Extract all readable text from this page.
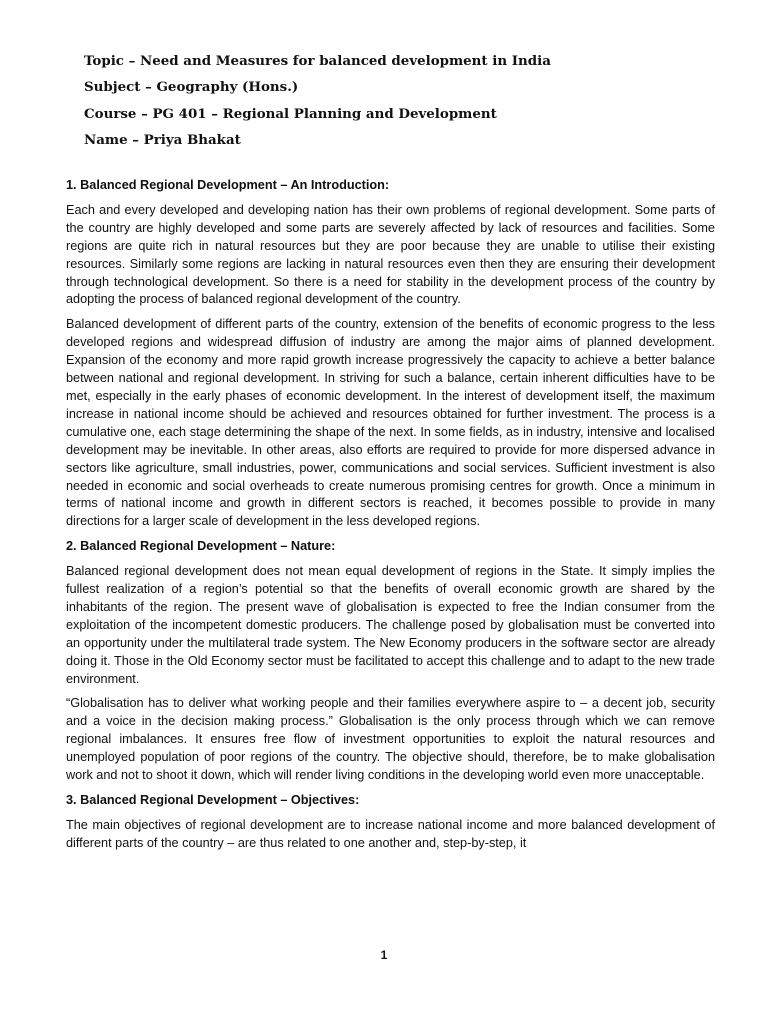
Topic – Need and Measures for balanced development in India
Subject – Geography (Hons.)
Course – PG 401 – Regional Planning and Development
Name – Priya Bhakat
1. Balanced Regional Development – An Introduction:

Each and every developed and developing nation has their own problems of regional development. Some parts of the country are highly developed and some parts are severely affected by lack of resources and facilities. Some regions are quite rich in natural resources but they are poor because they are unable to utilise their existing resources. Similarly some regions are lacking in natural resources even then they are ensuring their development through technological development. So there is a need for stability in the development process of the country by adopting the process of balanced regional development of the country.

Balanced development of different parts of the country, extension of the benefits of economic progress to the less developed regions and widespread diffusion of industry are among the major aims of planned development. Expansion of the economy and more rapid growth increase progressively the capacity to achieve a better balance between national and regional development. In striving for such a balance, certain inherent difficulties have to be met, especially in the early phases of economic development. In the interest of development itself, the maximum increase in national income should be achieved and resources obtained for further investment. The process is a cumulative one, each stage determining the shape of the next. In some fields, as in industry, intensive and localised development may be inevitable. In other areas, also efforts are required to provide for more dispersed advance in sectors like agriculture, small industries, power, communications and social services. Sufficient investment is also needed in economic and social overheads to create numerous promising centres for growth. Once a minimum in terms of national income and growth in different sectors is reached, it becomes possible to provide in many directions for a larger scale of development in the less developed regions.

2. Balanced Regional Development – Nature:

Balanced regional development does not mean equal development of regions in the State. It simply implies the fullest realization of a region’s potential so that the benefits of overall economic growth are shared by the inhabitants of the region. The present wave of globalisation is expected to free the Indian consumer from the exploitation of the incompetent domestic producers. The challenge posed by globalisation must be converted into an opportunity under the multilateral trade system. The New Economy producers in the software sector are already doing it. Those in the Old Economy sector must be facilitated to accept this challenge and to adapt to the new trade environment.

“Globalisation has to deliver what working people and their families everywhere aspire to – a decent job, security and a voice in the decision making process.” Globalisation is the only process through which we can remove regional imbalances. It ensures free flow of investment opportunities to exploit the natural resources and unemployed population of poor regions of the country. The objective should, therefore, be to make globalisation work and not to shoot it down, which will render living conditions in the developing world even more unacceptable.

3. Balanced Regional Development – Objectives:

The main objectives of regional development are to increase national income and more balanced development of different parts of the country – are thus related to one another and, step-by-step, it

1
